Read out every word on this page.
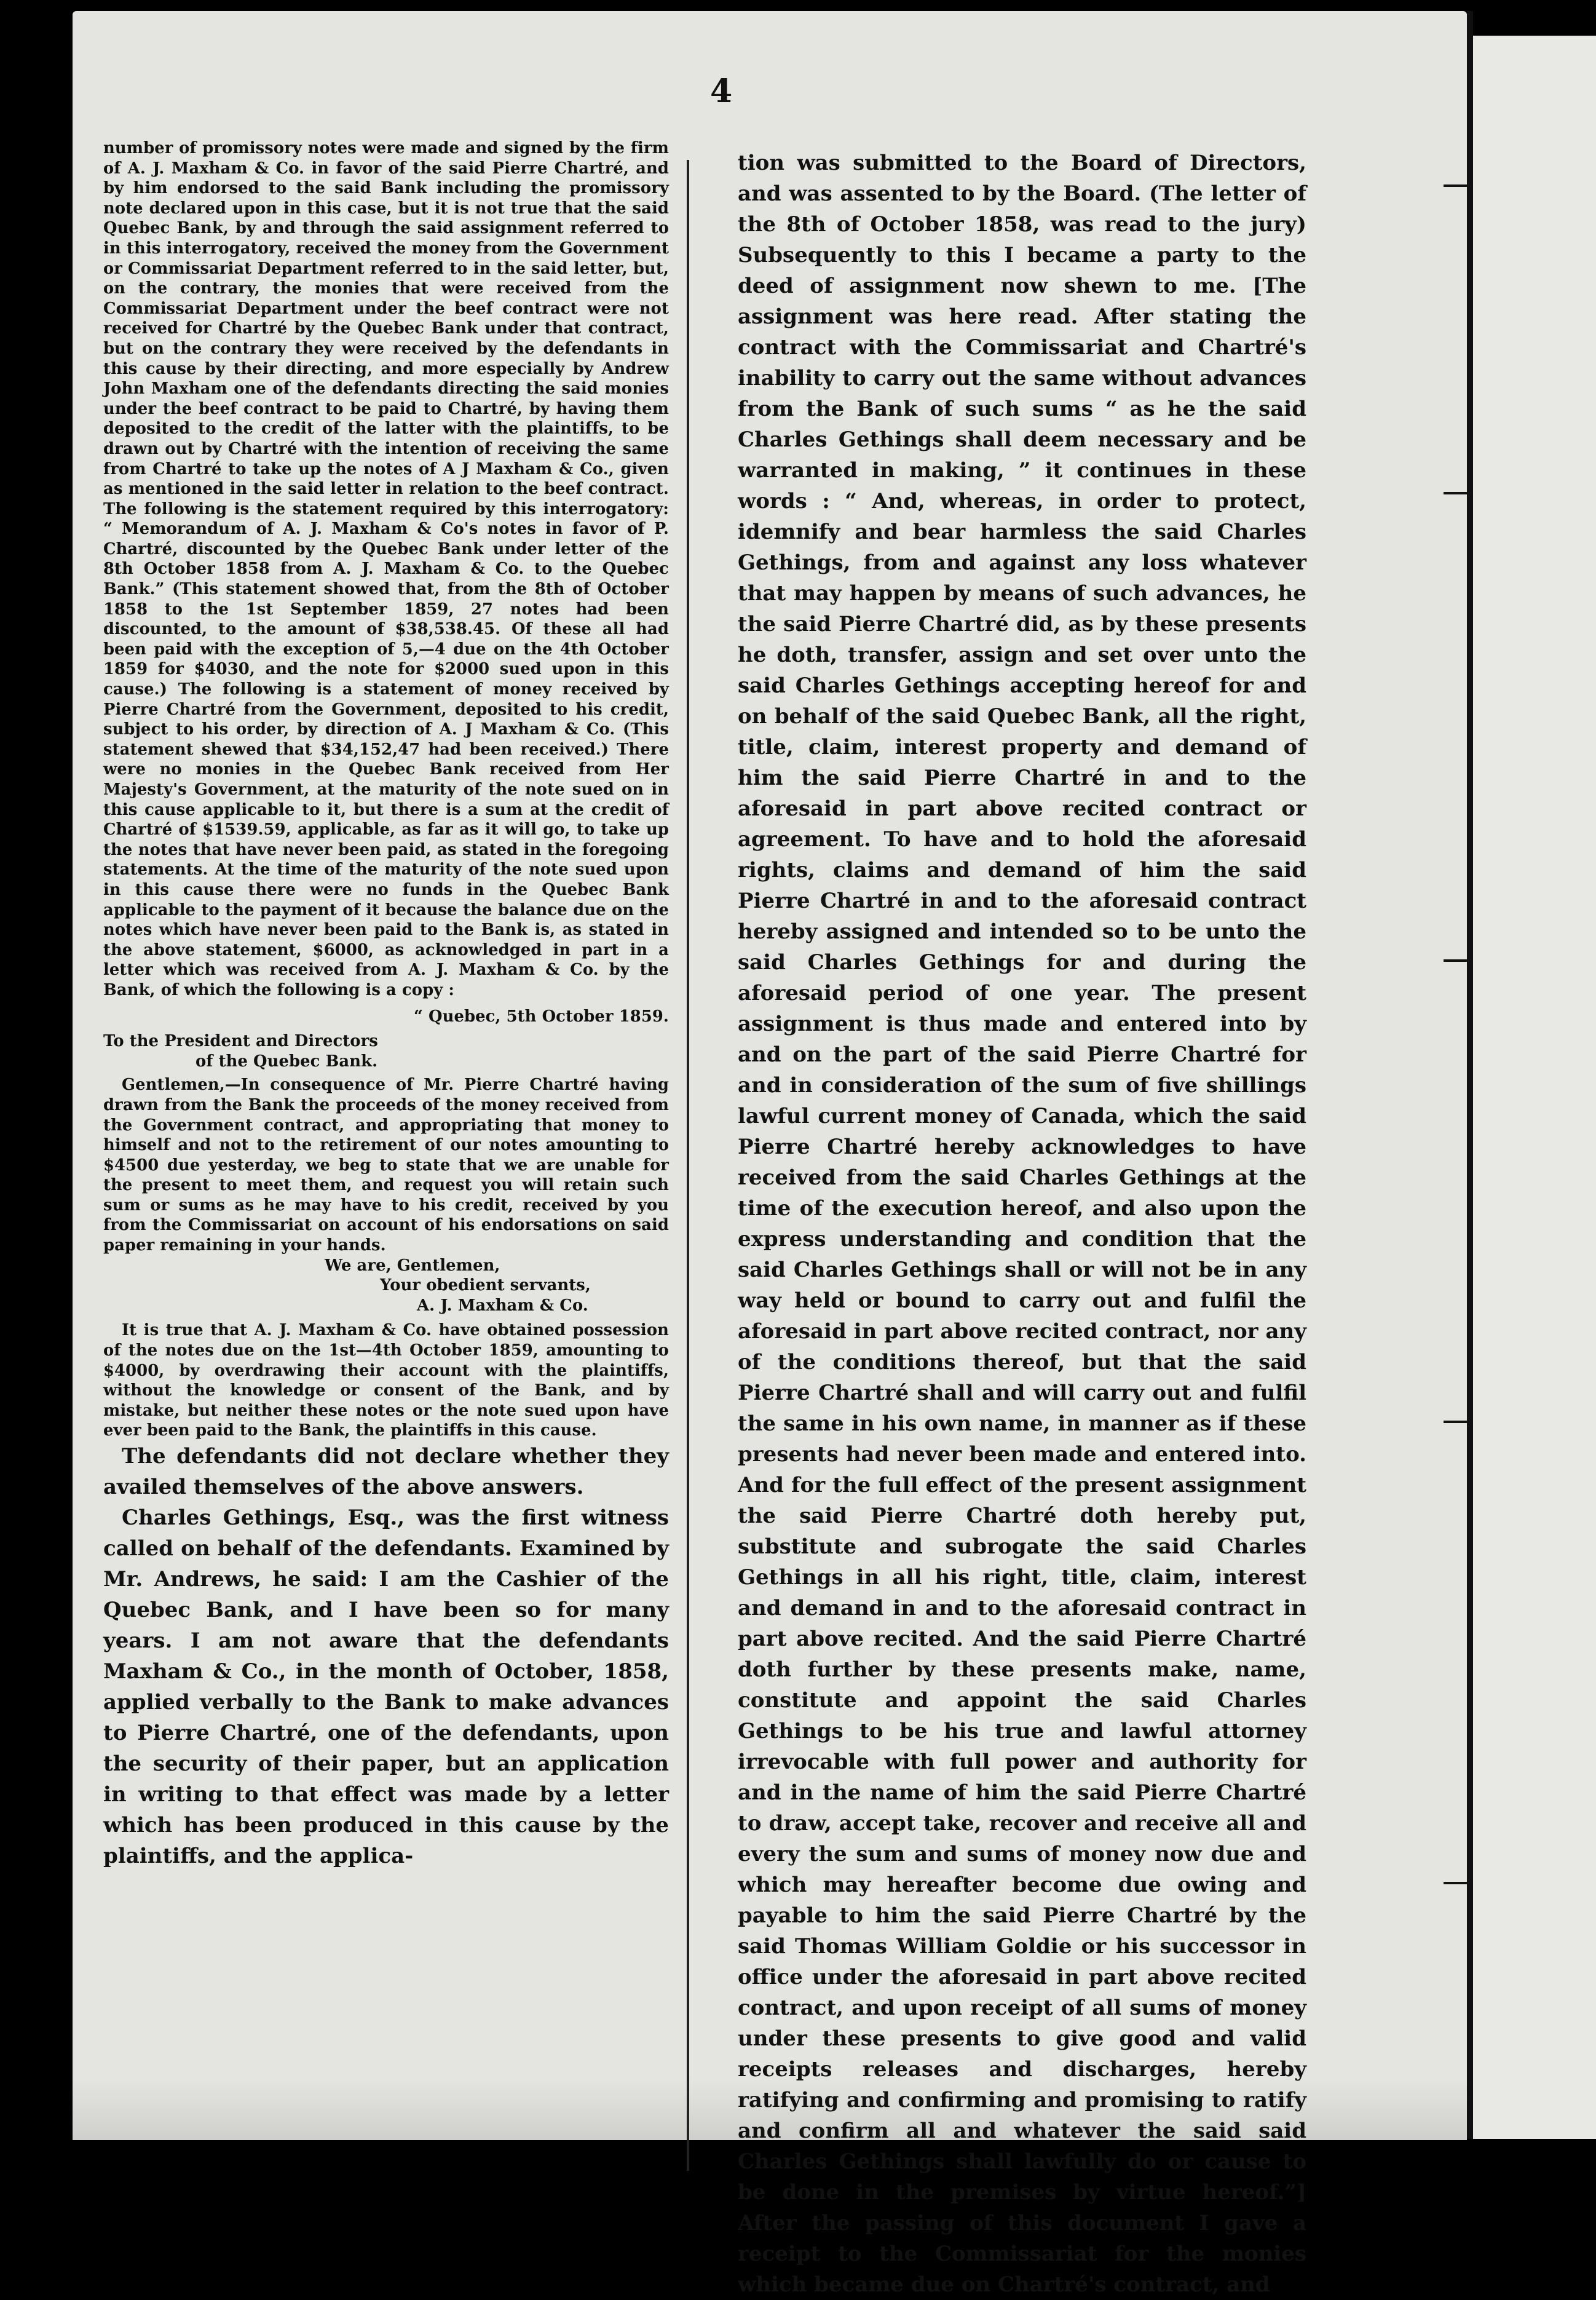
4

number of promissory notes were made and signed by the firm of A. J. Maxham & Co. in favor of the said Pierre Chartré, and by him endorsed to the said Bank including the promissory note declared upon in this case, but it is not true that the said Quebec Bank, by and through the said assignment referred to in this interrogatory, received the money from the Government or Commissariat Department referred to in the said letter, but, on the contrary, the monies that were received from the Commissariat Department under the beef contract were not received for Chartré by the Quebec Bank under that contract, but on the contrary they were received by the defendants in this cause by their directing, and more especially by Andrew John Maxham one of the defendants directing the said monies under the beef contract to be paid to Chartré, by having them deposited to the credit of the latter with the plaintiffs, to be drawn out by Chartré with the intention of receiving the same from Chartré to take up the notes of A J Maxham & Co., given as mentioned in the said letter in relation to the beef contract. The following is the statement required by this interrogatory: “ Memorandum of A. J. Maxham & Co's notes in favor of P. Chartré, discounted by the Quebec Bank under letter of the 8th October 1858 from A. J. Maxham & Co. to the Quebec Bank.” (This statement showed that, from the 8th of October 1858 to the 1st September 1859, 27 notes had been discounted, to the amount of $38,538.45. Of these all had been paid with the exception of 5,—4 due on the 4th October 1859 for $4030, and the note for $2000 sued upon in this cause.) The following is a statement of money received by Pierre Chartré from the Government, deposited to his credit, subject to his order, by direction of A. J Maxham & Co. (This statement shewed that $34,152,47 had been received.) There were no monies in the Quebec Bank received from Her Majesty's Government, at the maturity of the note sued on in this cause applicable to it, but there is a sum at the credit of Chartré of $1539.59, applicable, as far as it will go, to take up the notes that have never been paid, as stated in the foregoing statements. At the time of the maturity of the note sued upon in this cause there were no funds in the Quebec Bank applicable to the payment of it because the balance due on the notes which have never been paid to the Bank is, as stated in the above statement, $6000, as acknowledged in part in a letter which was received from A. J. Maxham & Co. by the Bank, of which the following is a copy :

“ Quebec, 5th October 1859.

To the President and Directors

of the Quebec Bank.

Gentlemen,—In consequence of Mr. Pierre Chartré having drawn from the Bank the proceeds of the money received from the Government contract, and appropriating that money to himself and not to the retirement of our notes amounting to $4500 due yesterday, we beg to state that we are unable for the present to meet them, and request you will retain such sum or sums as he may have to his credit, received by you from the Commissariat on account of his endorsations on said paper remaining in your hands.

We are, Gentlemen,

Your obedient servants,

A. J. Maxham & Co.

It is true that A. J. Maxham & Co. have obtained possession of the notes due on the 1st—4th October 1859, amounting to $4000, by overdrawing their account with the plaintiffs, without the knowledge or consent of the Bank, and by mistake, but neither these notes or the note sued upon have ever been paid to the Bank, the plaintiffs in this cause.

The defendants did not declare whether they availed themselves of the above answers.

Charles Gethings, Esq., was the first witness called on behalf of the defendants. Examined by Mr. Andrews, he said: I am the Cashier of the Quebec Bank, and I have been so for many years. I am not aware that the defendants Maxham & Co., in the month of October, 1858, applied verbally to the Bank to make advances to Pierre Chartré, one of the defendants, upon the security of their paper, but an application in writing to that effect was made by a letter which has been produced in this cause by the plaintiffs, and the applica-

tion was submitted to the Board of Directors, and was assented to by the Board. (The letter of the 8th of October 1858, was read to the jury) Subsequently to this I became a party to the deed of assignment now shewn to me. [The assignment was here read. After stating the contract with the Commissariat and Chartré's inability to carry out the same without advances from the Bank of such sums “ as he the said Charles Gethings shall deem necessary and be warranted in making, ” it continues in these words : “ And, whereas, in order to protect, idemnify and bear harmless the said Charles Gethings, from and against any loss whatever that may happen by means of such advances, he the said Pierre Chartré did, as by these presents he doth, transfer, assign and set over unto the said Charles Gethings accepting hereof for and on behalf of the said Quebec Bank, all the right, title, claim, interest property and demand of him the said Pierre Chartré in and to the aforesaid in part above recited contract or agreement. To have and to hold the aforesaid rights, claims and demand of him the said Pierre Chartré in and to the aforesaid contract hereby assigned and intended so to be unto the said Charles Gethings for and during the aforesaid period of one year. The present assignment is thus made and entered into by and on the part of the said Pierre Chartré for and in consideration of the sum of five shillings lawful current money of Canada, which the said Pierre Chartré hereby acknowledges to have received from the said Charles Gethings at the time of the execution hereof, and also upon the express understanding and condition that the said Charles Gethings shall or will not be in any way held or bound to carry out and fulfil the aforesaid in part above recited contract, nor any of the conditions thereof, but that the said Pierre Chartré shall and will carry out and fulfil the same in his own name, in manner as if these presents had never been made and entered into. And for the full effect of the present assignment the said Pierre Chartré doth hereby put, substitute and subrogate the said Charles Gethings in all his right, title, claim, interest and demand in and to the aforesaid contract in part above recited. And the said Pierre Chartré doth further by these presents make, name, constitute and appoint the said Charles Gethings to be his true and lawful attorney irrevocable with full power and authority for and in the name of him the said Pierre Chartré to draw, accept take, recover and receive all and every the sum and sums of money now due and which may hereafter become due owing and payable to him the said Pierre Chartré by the said Thomas William Goldie or his successor in office under the aforesaid in part above recited contract, and upon receipt of all sums of money under these presents to give good and valid receipts releases and discharges, hereby ratifying and confirming and promising to ratify and confirm all and whatever the said said Charles Gethings shall lawfully do or cause to be done in the premises by virtue hereof.”] After the passing of this document I gave a receipt to the Commissariat for the monies which became due on Chartré's contract, and
